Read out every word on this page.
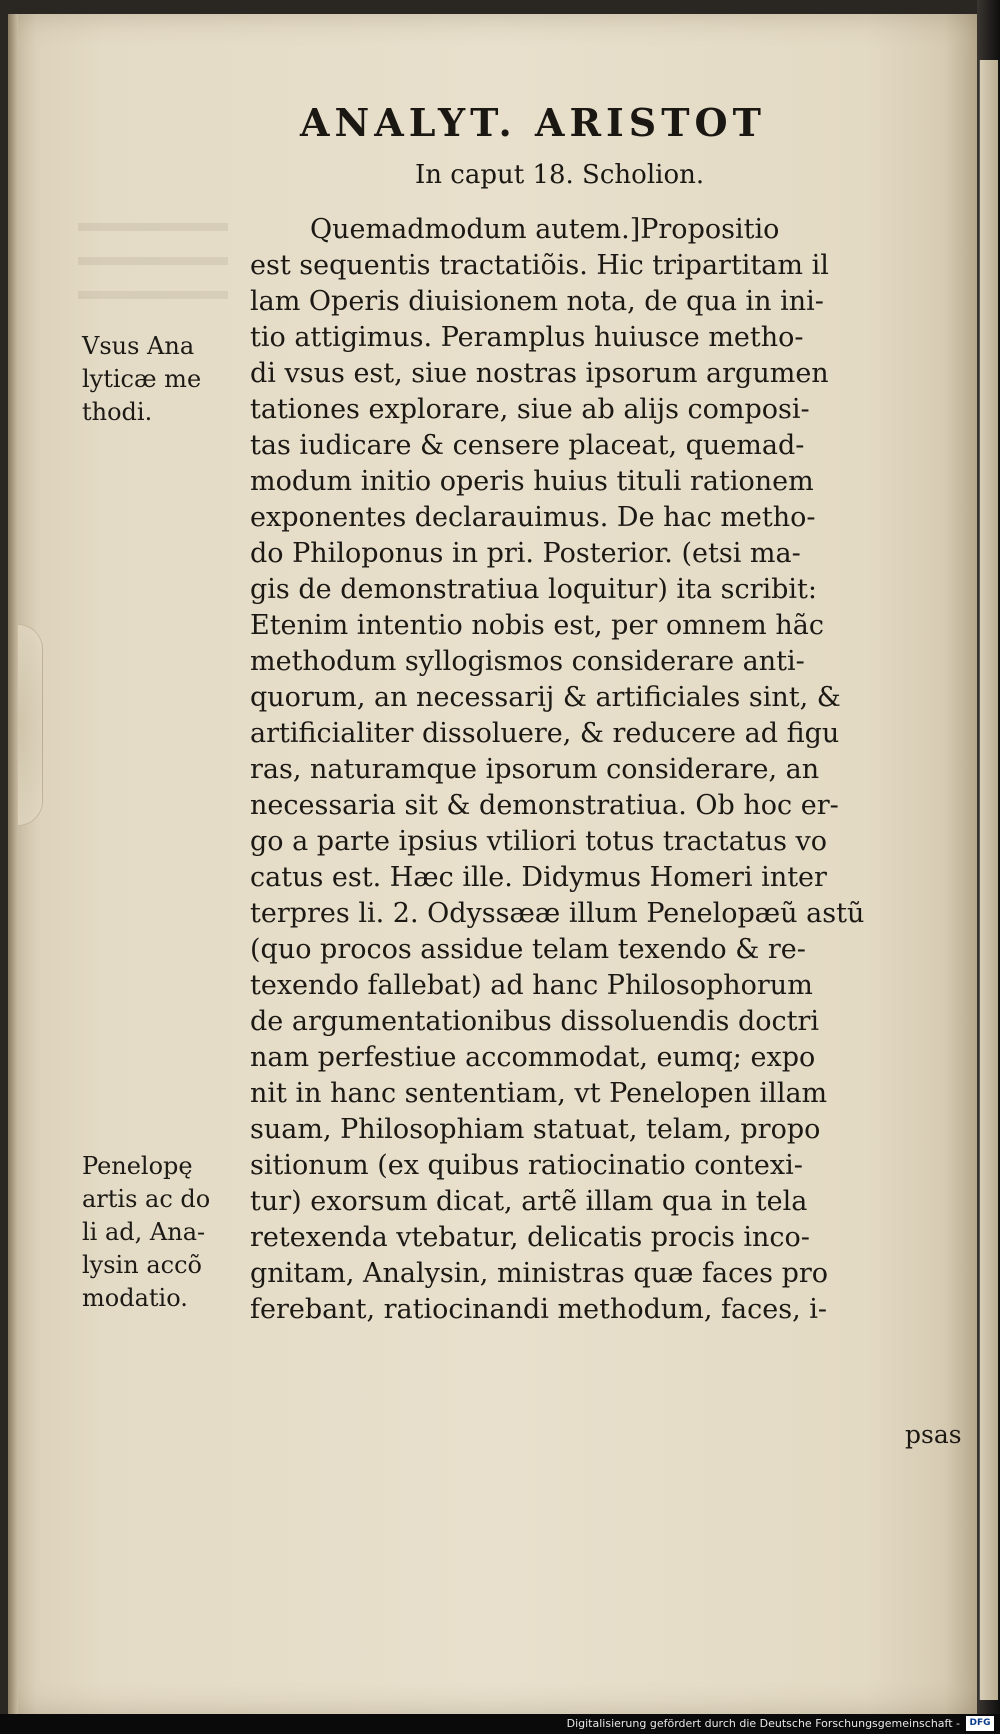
ANALYT. ARISTOT
In caput 18. Scholion.
Quemadmodum autem.]Propositio
est sequentis tractatiõis. Hic tripartitam il
lam Operis diuisionem nota, de qua in ini-
tio attigimus. Peramplus huiusce metho-
di vsus est, siue nostras ipsorum argumen
tationes explorare, siue ab alijs composi-
tas iudicare & censere placeat, quemad-
modum initio operis huius tituli rationem
exponentes declarauimus. De hac metho-
do Philoponus in pri. Posterior. (etsi ma-
gis de demonstratiua loquitur) ita scribit:
Etenim intentio nobis est, per omnem hãc
methodum syllogismos considerare anti-
quorum, an necessarij & artificiales sint, &
artificialiter dissoluere, & reducere ad figu
ras, naturamque ipsorum considerare, an
necessaria sit & demonstratiua. Ob hoc er-
go a parte ipsius vtiliori totus tractatus vo
catus est. Hæc ille. Didymus Homeri inter
terpres li. 2. Odyssææ illum Penelopæũ astũ
(quo procos assidue telam texendo & re-
texendo fallebat) ad hanc Philosophorum
de argumentationibus dissoluendis doctri
nam perfestiue accommodat, eumq; expo
nit in hanc sententiam, vt Penelopen illam
suam, Philosophiam statuat, telam, propo
sitionum (ex quibus ratiocinatio contexi-
tur) exorsum dicat, artẽ illam qua in tela
retexenda vtebatur, delicatis procis inco-
gnitam, Analysin, ministras quæ faces pro
ferebant, ratiocinandi methodum, faces, i-
psas
Vsus Ana
lyticæ me
thodi.
Penelopę
artis ac do
li ad, Ana-
lysin accõ
modatio.
Digitalisierung gefördert durch die Deutsche Forschungsgemeinschaft -	DFG
